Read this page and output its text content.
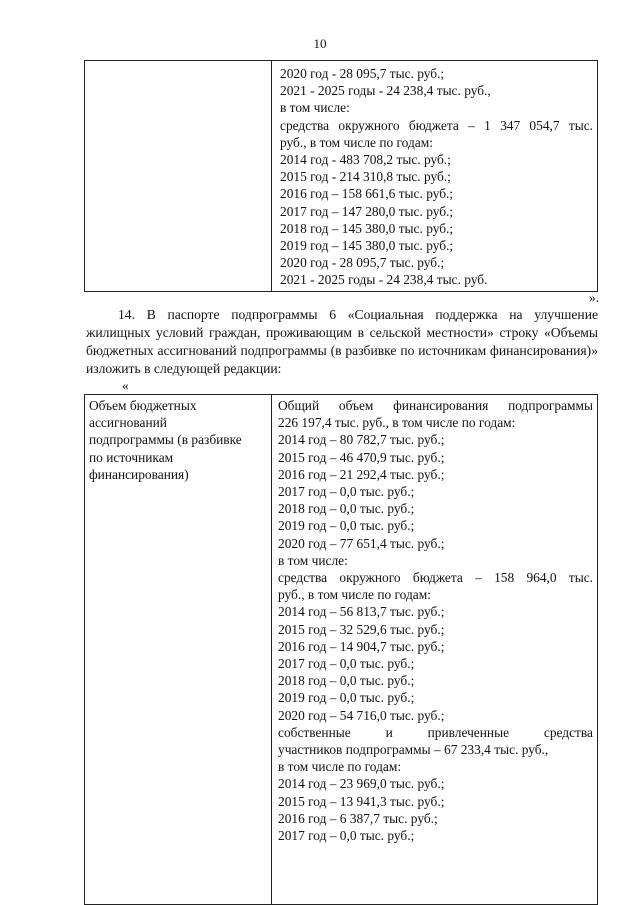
10
2020 год - 28 095,7 тыс. руб.;
2021 - 2025 годы - 24 238,4 тыс. руб.,
в том числе:
средства окружного бюджета – 1 347 054,7 тыс.
руб., в том числе по годам:
2014 год - 483 708,2 тыс. руб.;
2015 год - 214 310,8 тыс. руб.;
2016 год – 158 661,6 тыс. руб.;
2017 год – 147 280,0 тыс. руб.;
2018 год – 145 380,0 тыс. руб.;
2019 год – 145 380,0 тыс. руб.;
2020 год - 28 095,7 тыс. руб.;
2021 - 2025 годы - 24 238,4 тыс. руб.
».
14. В паспорте подпрограммы 6 «Социальная поддержка на улучшение жилищных условий граждан, проживающим в сельской местности» строку «Объемы бюджетных ассигнований подпрограммы (в разбивке по источникам финансирования)» изложить в следующей редакции:
«
Объем бюджетных
ассигнований
подпрограммы (в разбивке
по источникам
финансирования)
Общий объем финансирования подпрограммы
226 197,4 тыс. руб., в том числе по годам:
2014 год – 80 782,7 тыс. руб.;
2015 год – 46 470,9 тыс. руб.;
2016 год – 21 292,4 тыс. руб.;
2017 год – 0,0 тыс. руб.;
2018 год – 0,0 тыс. руб.;
2019 год – 0,0 тыс. руб.;
2020 год – 77 651,4 тыс. руб.;
в том числе:
средства окружного бюджета – 158 964,0 тыс.
руб., в том числе по годам:
2014 год – 56 813,7 тыс. руб.;
2015 год – 32 529,6 тыс. руб.;
2016 год – 14 904,7 тыс. руб.;
2017 год – 0,0 тыс. руб.;
2018 год – 0,0 тыс. руб.;
2019 год – 0,0 тыс. руб.;
2020 год – 54 716,0 тыс. руб.;
собственные и привлеченные средства
участников подпрограммы – 67 233,4 тыс. руб.,
в том числе по годам:
2014 год – 23 969,0 тыс. руб.;
2015 год – 13 941,3 тыс. руб.;
2016 год – 6 387,7 тыс. руб.;
2017 год – 0,0 тыс. руб.;
